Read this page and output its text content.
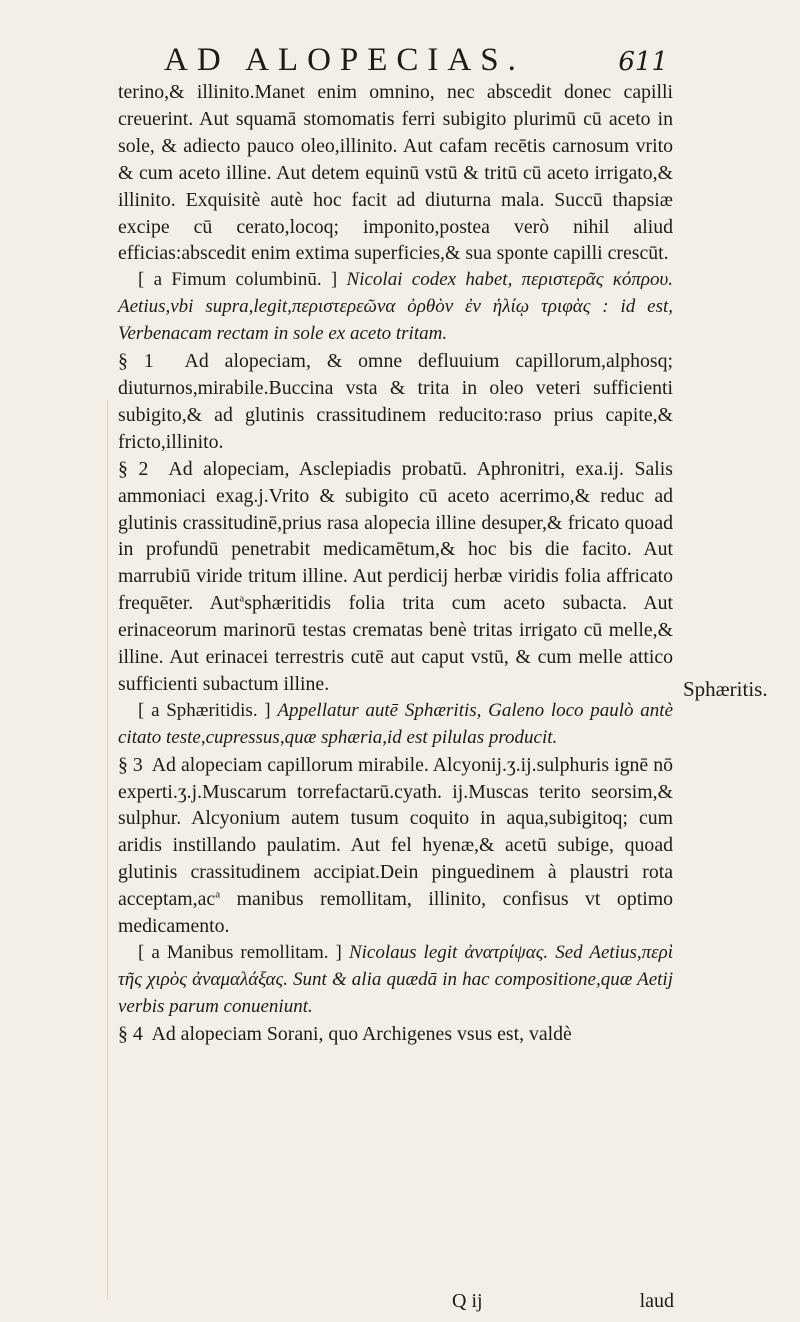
AD ALOPECIAS.	611

terino,& illinito.Manet enim omnino, nec abscedit donec capilli creuerint. Aut squamā stomomatis ferri subigito plurimū cū aceto in sole, & adiecto pauco oleo,illinito. Aut cafam recētis carnosum vrito & cum aceto illine. Aut detem equinū vstū & tritū cū aceto irrigato,& illinito. Exquisitè autè hoc facit ad diuturna mala. Succū thapsiæ excipe cū cerato,locoq; imponito,postea verò nihil aliud efficias:abscedit enim extima superficies,& sua sponte capilli crescūt.

[ a Fimum columbinū. ] Nicolai codex habet, περιστερᾶς κόπρου. Aetius,vbi supra,legit,περιστερεῶνα ὀρθὸν ἐν ἡλίῳ τριφὰς : id est, Verbenacam rectam in sole ex aceto tritam.

§ 1 Ad alopeciam, & omne defluuium capillorum,alphosq; diuturnos,mirabile.Buccina vsta & trita in oleo veteri sufficienti subigito,& ad glutinis crassitudinem reducito:raso prius capite,& fricto,illinito.

§ 2 Ad alopeciam, Asclepiadis probatū. Aphronitri, exa.ij. Salis ammoniaci exag.j.Vrito & subigito cū aceto acerrimo,& reduc ad glutinis crassitudinē,prius rasa alopecia illine desuper,& fricato quoad in profundū penetrabit medicamētum,& hoc bis die facito. Aut marrubiū viride tritum illine. Aut perdicij herbæ viridis folia affricato frequēter. Aut$^a$sphæritidis folia trita cum aceto subacta. Aut erinaceorum marinorū testas crematas benè tritas irrigato cū melle,& illine. Aut erinacei terrestris cutē aut caput vstū, & cum melle attico sufficienti subactum illine.

[ a Sphæritidis. ] Appellatur autē Sphæritis, Galeno loco paulò antè citato teste,cupressus,quæ sphæria,id est pilulas producit.

§ 3 Ad alopeciam capillorum mirabile. Alcyonij.ʒ.ij.sulphuris ignē nō experti.ʒ.j.Muscarum torrefactarū.cyath. ij.Muscas terito seorsim,& sulphur. Alcyonium autem tusum coquito in aqua,subigitoq; cum aridis instillando paulatim. Aut fel hyenæ,& acetū subige, quoad glutinis crassitudinem accipiat.Dein pinguedinem à plaustri rota $acceptam,ac^a$ manibus remollitam, illinito, confisus vt optimo medicamento.

[ a Manibus remollitam. ] Nicolaus legit ἀνατρίψας. Sed Aetius,περὶ τῆς χιρὸς ἀναμαλάξας. Sunt & alia quædā in hac compositione,quæ Aetij verbis parum conueniunt.

§ 4 Ad alopeciam Sorani, quo Archigenes vsus est, valdè

Sphæritis.
Q ij	laud
